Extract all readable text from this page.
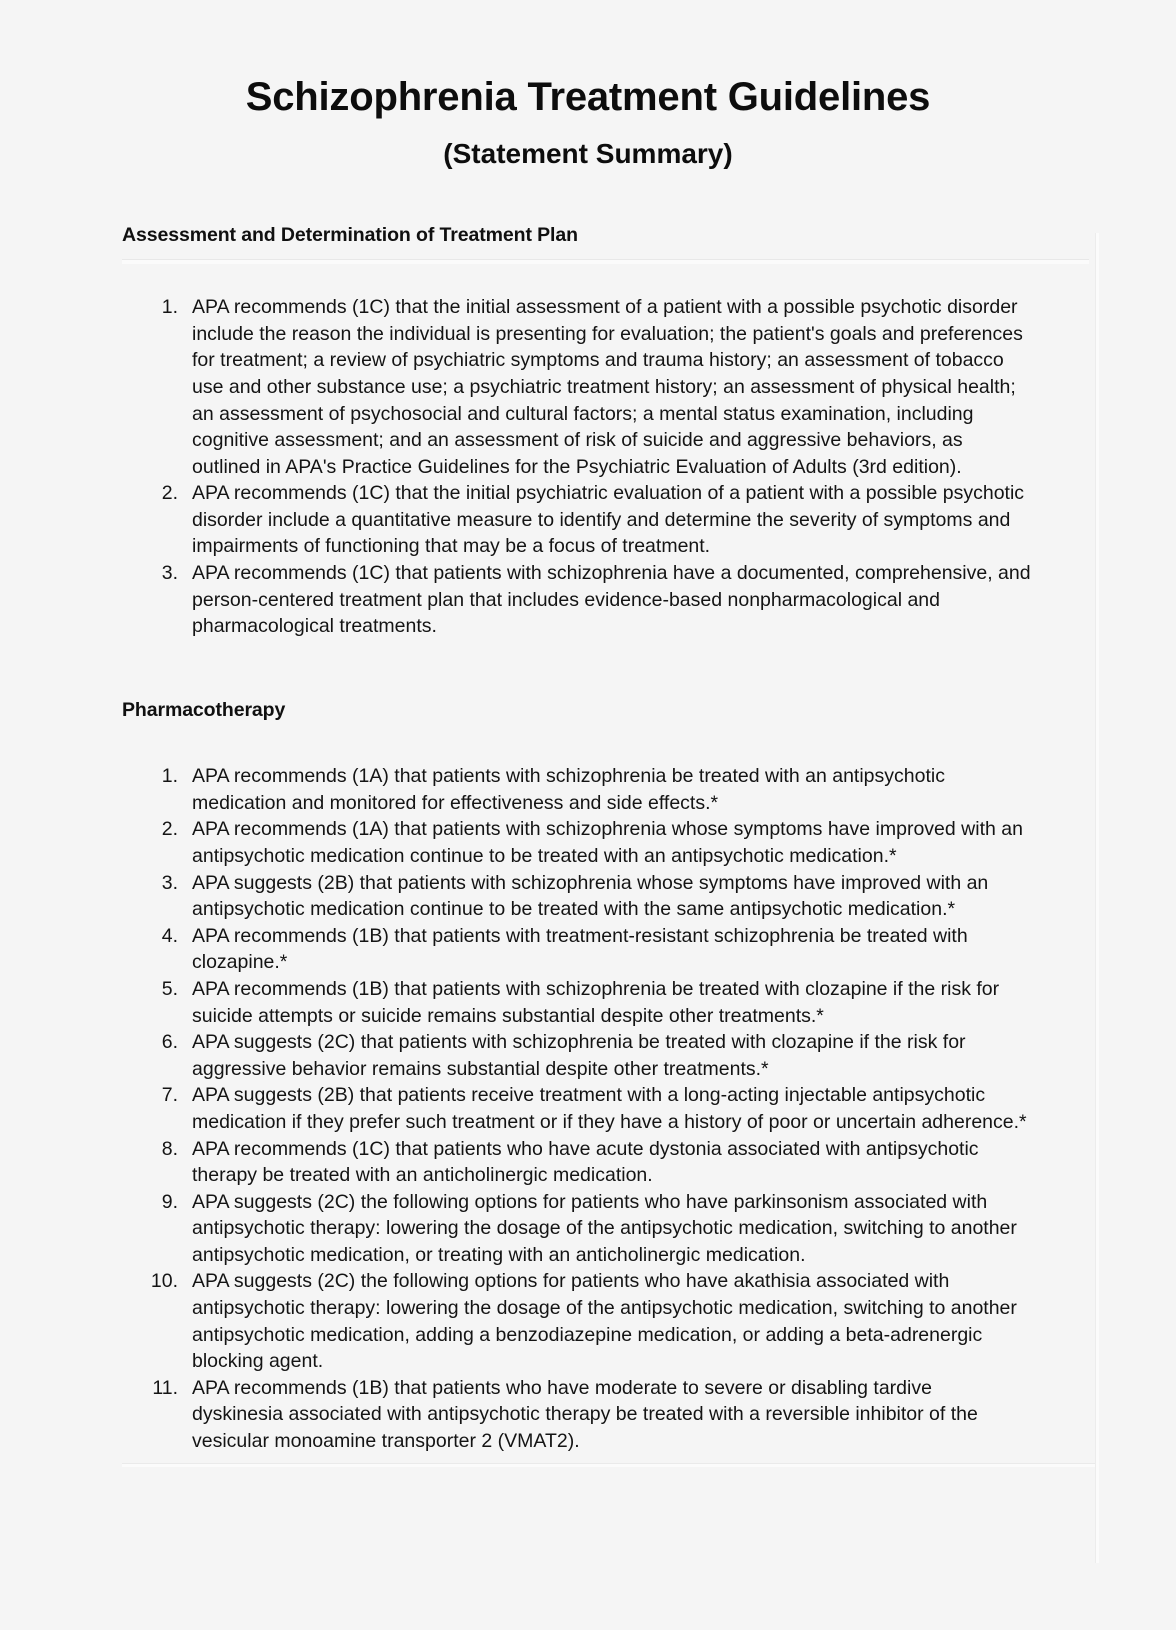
Schizophrenia Treatment Guidelines
(Statement Summary)
Assessment and Determination of Treatment Plan
1. APA recommends (1C) that the initial assessment of a patient with a possible psychotic disorder include the reason the individual is presenting for evaluation; the patient's goals and preferences for treatment; a review of psychiatric symptoms and trauma history; an assessment of tobacco use and other substance use; a psychiatric treatment history; an assessment of physical health; an assessment of psychosocial and cultural factors; a mental status examination, including cognitive assessment; and an assessment of risk of suicide and aggressive behaviors, as outlined in APA's Practice Guidelines for the Psychiatric Evaluation of Adults (3rd edition).
2. APA recommends (1C) that the initial psychiatric evaluation of a patient with a possible psychotic disorder include a quantitative measure to identify and determine the severity of symptoms and impairments of functioning that may be a focus of treatment.
3. APA recommends (1C) that patients with schizophrenia have a documented, comprehensive, and person-centered treatment plan that includes evidence-based nonpharmacological and pharmacological treatments.
Pharmacotherapy
1. APA recommends (1A) that patients with schizophrenia be treated with an antipsychotic medication and monitored for effectiveness and side effects.*
2. APA recommends (1A) that patients with schizophrenia whose symptoms have improved with an antipsychotic medication continue to be treated with an antipsychotic medication.*
3. APA suggests (2B) that patients with schizophrenia whose symptoms have improved with an antipsychotic medication continue to be treated with the same antipsychotic medication.*
4. APA recommends (1B) that patients with treatment-resistant schizophrenia be treated with clozapine.*
5. APA recommends (1B) that patients with schizophrenia be treated with clozapine if the risk for suicide attempts or suicide remains substantial despite other treatments.*
6. APA suggests (2C) that patients with schizophrenia be treated with clozapine if the risk for aggressive behavior remains substantial despite other treatments.*
7. APA suggests (2B) that patients receive treatment with a long-acting injectable antipsychotic medication if they prefer such treatment or if they have a history of poor or uncertain adherence.*
8. APA recommends (1C) that patients who have acute dystonia associated with antipsychotic therapy be treated with an anticholinergic medication.
9. APA suggests (2C) the following options for patients who have parkinsonism associated with antipsychotic therapy: lowering the dosage of the antipsychotic medication, switching to another antipsychotic medication, or treating with an anticholinergic medication.
10. APA suggests (2C) the following options for patients who have akathisia associated with antipsychotic therapy: lowering the dosage of the antipsychotic medication, switching to another antipsychotic medication, adding a benzodiazepine medication, or adding a beta-adrenergic blocking agent.
11. APA recommends (1B) that patients who have moderate to severe or disabling tardive dyskinesia associated with antipsychotic therapy be treated with a reversible inhibitor of the vesicular monoamine transporter 2 (VMAT2).
